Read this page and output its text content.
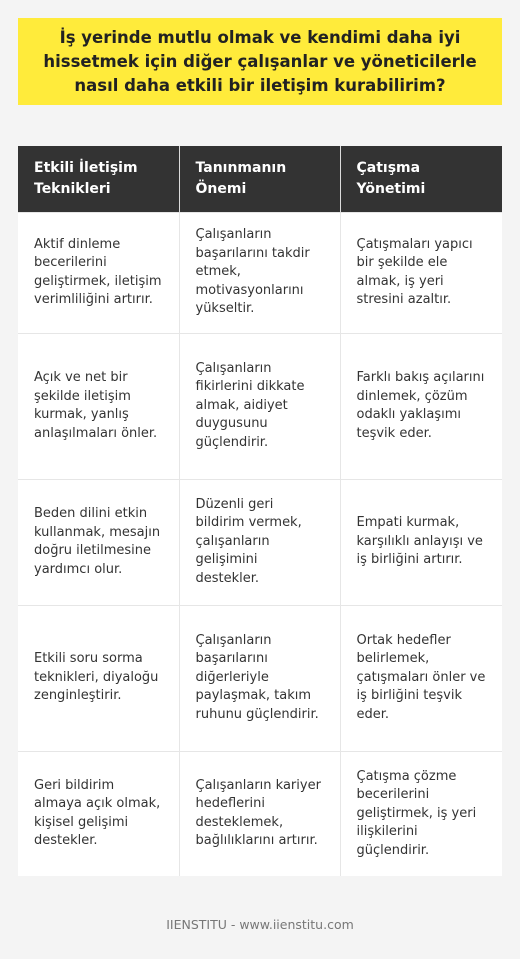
İş yerinde mutlu olmak ve kendimi daha iyi hissetmek için diğer çalışanlar ve yöneticilerle nasıl daha etkili bir iletişim kurabilirim?
Etkili İletişim Teknikleri	Tanınmanın Önemi	Çatışma Yönetimi
Aktif dinleme becerilerini geliştirmek, iletişim verimliliğini artırır.	Çalışanların başarılarını takdir etmek, motivasyonlarını yükseltir.	Çatışmaları yapıcı bir şekilde ele almak, iş yeri stresini azaltır.
Açık ve net bir şekilde iletişim kurmak, yanlış anlaşılmaları önler.	Çalışanların fikirlerini dikkate almak, aidiyet duygusunu güçlendirir.	Farklı bakış açılarını dinlemek, çözüm odaklı yaklaşımı teşvik eder.
Beden dilini etkin kullanmak, mesajın doğru iletilmesine yardımcı olur.	Düzenli geri bildirim vermek, çalışanların gelişimini destekler.	Empati kurmak, karşılıklı anlayışı ve iş birliğini artırır.
Etkili soru sorma teknikleri, diyaloğu zenginleştirir.	Çalışanların başarılarını diğerleriyle paylaşmak, takım ruhunu güçlendirir.	Ortak hedefler belirlemek, çatışmaları önler ve iş birliğini teşvik eder.
Geri bildirim almaya açık olmak, kişisel gelişimi destekler.	Çalışanların kariyer hedeflerini desteklemek, bağlılıklarını artırır.	Çatışma çözme becerilerini geliştirmek, iş yeri ilişkilerini güçlendirir.
IIENSTITU - www.iienstitu.com
